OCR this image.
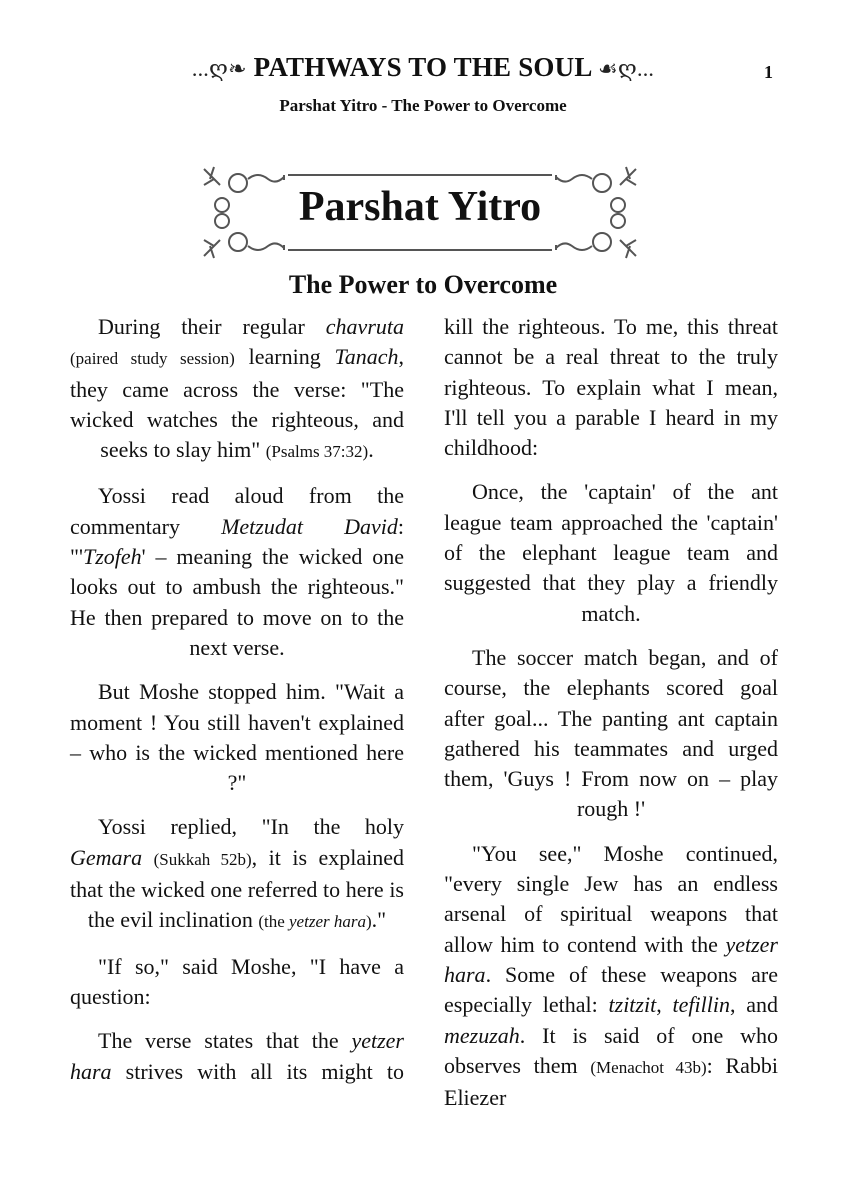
...ღ❧ PATHWAYS TO THE SOUL ☙ღ...	1
Parshat Yitro - The Power to Overcome
Parshat Yitro
The Power to Overcome

During their regular chavruta (paired study session) learning Tanach, they came across the verse: "The wicked watches the righteous, and seeks to slay him" (Psalms 37:32).

Yossi read aloud from the commentary Metzudat David: "'Tzofeh' – meaning the wicked one looks out to ambush the righteous." He then prepared to move on to the next verse.

But Moshe stopped him. "Wait a moment ! You still haven't explained – who is the wicked mentioned here ?"

Yossi replied, "In the holy Gemara (Sukkah 52b), it is explained that the wicked one referred to here is the evil inclination (the yetzer hara)."

"If so," said Moshe, "I have a question:

The verse states that the yetzer hara strives with all its might to

kill the righteous. To me, this threat cannot be a real threat to the truly righteous. To explain what I mean, I'll tell you a parable I heard in my childhood:

Once, the 'captain' of the ant league team approached the 'captain' of the elephant league team and suggested that they play a friendly match.

The soccer match began, and of course, the elephants scored goal after goal... The panting ant captain gathered his teammates and urged them, 'Guys ! From now on – play rough !'

"You see," Moshe continued, "every single Jew has an endless arsenal of spiritual weapons that allow him to contend with the yetzer hara. Some of these weapons are especially lethal: tzitzit, tefillin, and mezuzah. It is said of one who observes them (Menachot 43b): Rabbi Eliezer
